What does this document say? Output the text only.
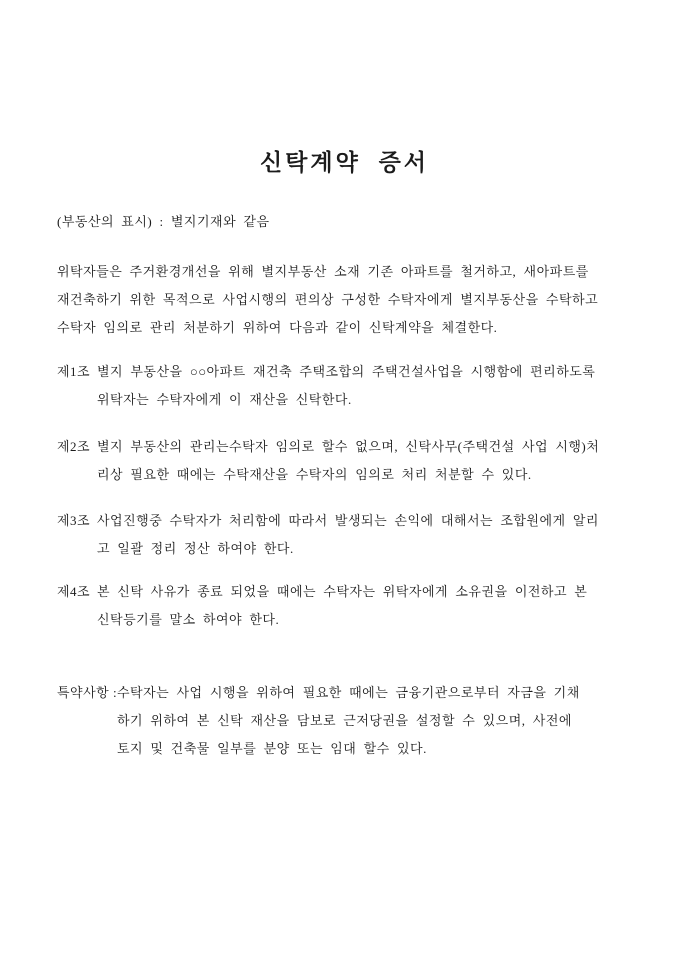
신탁계약 증서
(부동산의 표시) : 별지기재와 같음
위탁자들은 주거환경개선을 위해 별지부동산 소재 기존 아파트를 철거하고, 새아파트를
재건축하기 위한 목적으로 사업시행의 편의상 구성한 수탁자에게 별지부동산을 수탁하고
수탁자 임의로 관리 처분하기 위하여 다음과 같이 신탁계약을 체결한다.
제1조 별지 부동산을 ○○아파트 재건축 주택조합의 주택건설사업을 시행함에 편리하도록
위탁자는 수탁자에게 이 재산을 신탁한다.
제2조 별지 부동산의 관리는수탁자 임의로 할수 없으며, 신탁사무(주택건설 사업 시행)처
리상 필요한 때에는 수탁재산을 수탁자의 임의로 처리 처분할 수 있다.
제3조 사업진행중 수탁자가 처리함에 따라서 발생되는 손익에 대해서는 조합원에게 알리
고 일괄 정리 정산 하여야 한다.
제4조 본 신탁 사유가 종료 되었을 때에는 수탁자는 위탁자에게 소유권을 이전하고 본
신탁등기를 말소 하여야 한다.
특약사항 : 수탁자는 사업 시행을 위하여 필요한 때에는 금융기관으로부터 자금을 기채
하기 위하여 본 신탁 재산을 담보로 근저당권을 설정할 수 있으며, 사전에
토지 및 건축물 일부를 분양 또는 임대 할수 있다.
